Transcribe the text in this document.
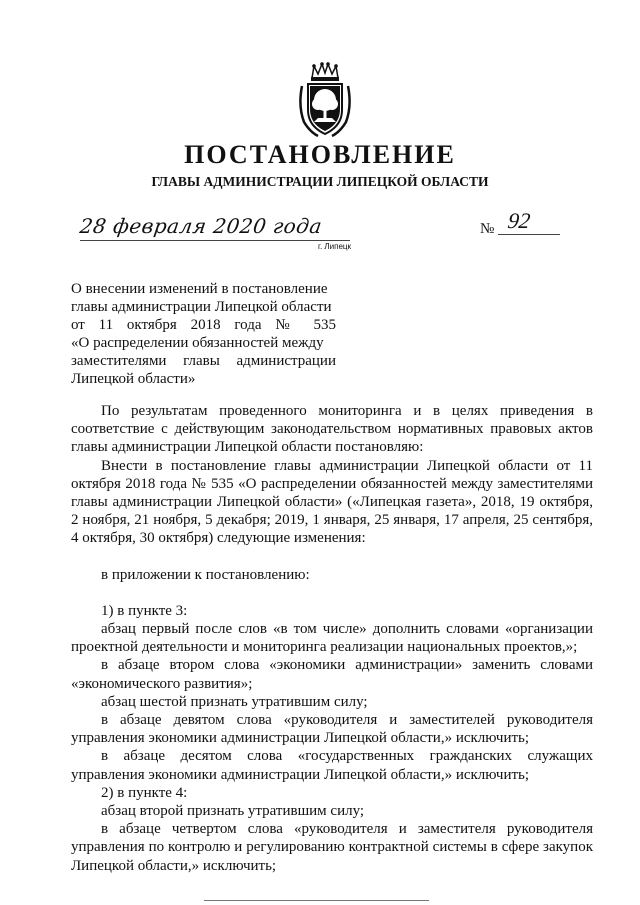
ПОСТАНОВЛЕНИЕ
ГЛАВЫ АДМИНИСТРАЦИИ ЛИПЕЦКОЙ ОБЛАСТИ
28 февраля 2020 года
г. Липецк
№ 92
О внесении изменений в постановление
главы администрации Липецкой области
от 11 октября 2018 года № 535
«О распределении обязанностей между
заместителями главы администрации
Липецкой области»

По результатам проведенного мониторинга и в целях приведения в соответствие с действующим законодательством нормативных правовых актов главы администрации Липецкой области постановляю:

Внести в постановление главы администрации Липецкой области от 11 октября 2018 года № 535 «О распределении обязанностей между заместителями главы администрации Липецкой области» («Липецкая газета», 2018, 19 октября, 2 ноября, 21 ноября, 5 декабря; 2019, 1 января, 25 января, 17 апреля, 25 сентября, 4 октября, 30 октября) следующие изменения:

в приложении к постановлению:

1) в пункте 3:

абзац первый после слов «в том числе» дополнить словами «организации проектной деятельности и мониторинга реализации национальных проектов,»;

в абзаце втором слова «экономики администрации» заменить словами «экономического развития»;

абзац шестой признать утратившим силу;

в абзаце девятом слова «руководителя и заместителей руководителя управления экономики администрации Липецкой области,» исключить;

в абзаце десятом слова «государственных гражданских служащих управления экономики администрации Липецкой области,» исключить;

2) в пункте 4:

абзац второй признать утратившим силу;

в абзаце четвертом слова «руководителя и заместителя руководителя управления по контролю и регулированию контрактной системы в сфере закупок Липецкой области,» исключить;
